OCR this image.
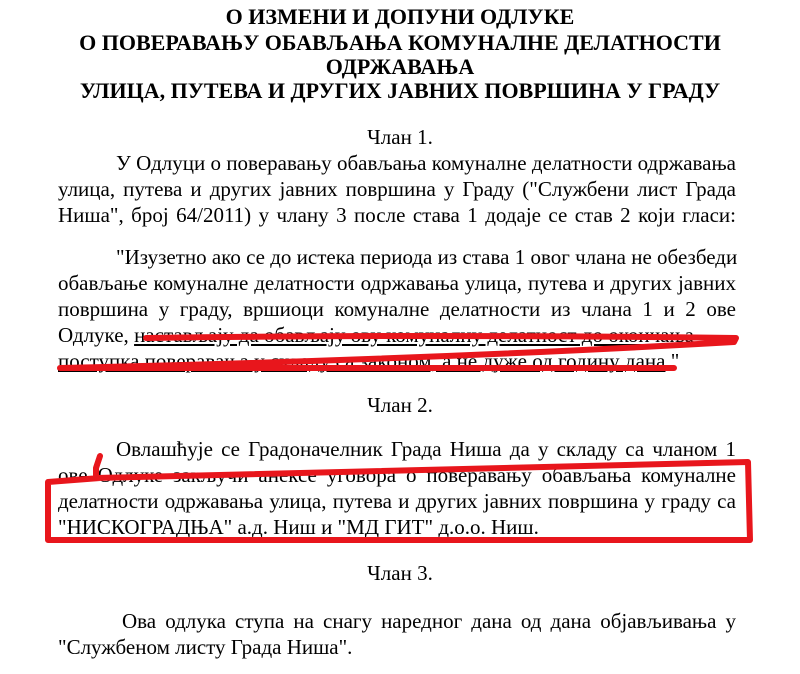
О ИЗМЕНИ И ДОПУНИ ОДЛУКЕ
О ПОВЕРАВАЊУ ОБАВЉАЊА КОМУНАЛНЕ ДЕЛАТНОСТИ
ОДРЖАВАЊА
УЛИЦА, ПУТЕВА И ДРУГИХ ЈАВНИХ ПОВРШИНА У ГРАДУ
Члан 1.
У Одлуци о поверавању обављања комуналне делатности одржавања
улица, путева и других јавних површина у Граду ("Службени лист Града
Ниша", број 64/2011) у члану 3 после става 1 додаје се став 2 који гласи:
"Изузетно ако се до истека периода из става 1 овог члана не обезбеди
обављање комуналне делатности одржавања улица, путева и других јавних
површина у граду, вршиоци комуналне делатности из члана 1 и 2 ове
Одлуке, настављају да обављају ову комуналну делатност до окончања
поступка поверавања у складу са законом, а не дуже од годину дана."
Члан 2.
Овлашћује се Градоначелник Града Ниша да у складу са чланом 1
ове Одлуке закључи анексе уговора о поверавању обављања комуналне
делатности одржавања улица, путева и других јавних површина у граду са
"НИСКОГРАДЊА" а.д. Ниш и "МД ГИТ" д.о.о. Ниш.
Члан 3.
Ова одлука ступа на снагу наредног дана од дана објављивања у
"Службеном листу Града Ниша".
